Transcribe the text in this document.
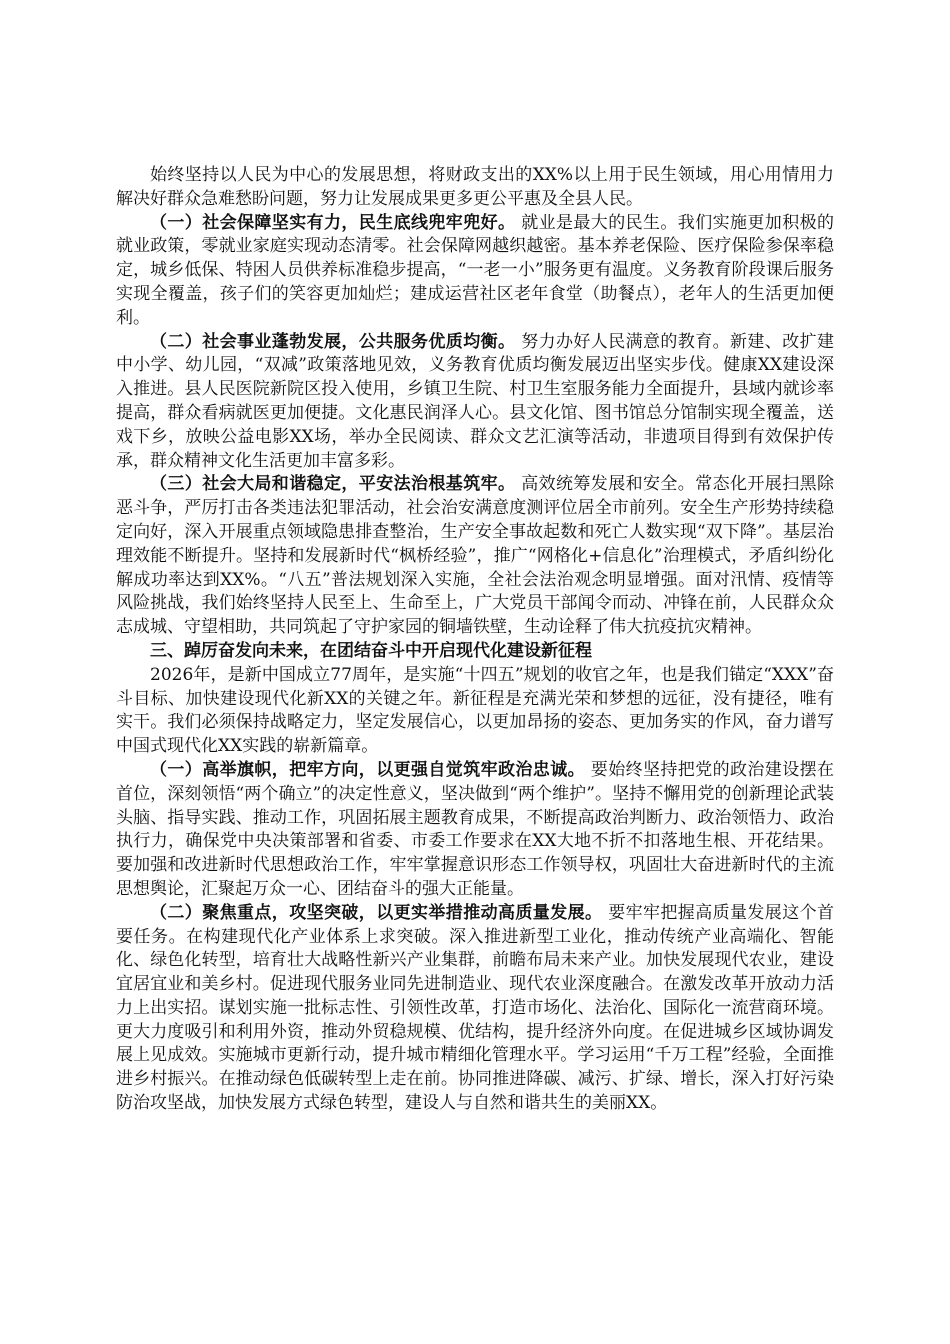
始终坚持以人民为中心的发展思想，将财政支出的XX%以上用于民生领域，用心用情用力解决好群众急难愁盼问题，努力让发展成果更多更公平惠及全县人民。

（一）社会保障坚实有力，民生底线兜牢兜好。 就业是最大的民生。我们实施更加积极的就业政策，零就业家庭实现动态清零。社会保障网越织越密。基本养老保险、医疗保险参保率稳定，城乡低保、特困人员供养标准稳步提高，“一老一小”服务更有温度。义务教育阶段课后服务实现全覆盖，孩子们的笑容更加灿烂；建成运营社区老年食堂（助餐点），老年人的生活更加便利。

（二）社会事业蓬勃发展，公共服务优质均衡。 努力办好人民满意的教育。新建、改扩建中小学、幼儿园，“双减”政策落地见效，义务教育优质均衡发展迈出坚实步伐。健康XX建设深入推进。县人民医院新院区投入使用，乡镇卫生院、村卫生室服务能力全面提升，县域内就诊率提高，群众看病就医更加便捷。文化惠民润泽人心。县文化馆、图书馆总分馆制实现全覆盖，送戏下乡，放映公益电影XX场，举办全民阅读、群众文艺汇演等活动，非遗项目得到有效保护传承，群众精神文化生活更加丰富多彩。

（三）社会大局和谐稳定，平安法治根基筑牢。 高效统筹发展和安全。常态化开展扫黑除恶斗争，严厉打击各类违法犯罪活动，社会治安满意度测评位居全市前列。安全生产形势持续稳定向好，深入开展重点领域隐患排查整治，生产安全事故起数和死亡人数实现“双下降”。基层治理效能不断提升。坚持和发展新时代“枫桥经验”，推广“网格化+信息化”治理模式，矛盾纠纷化解成功率达到XX%。“八五”普法规划深入实施，全社会法治观念明显增强。面对汛情、疫情等风险挑战，我们始终坚持人民至上、生命至上，广大党员干部闻令而动、冲锋在前，人民群众众志成城、守望相助，共同筑起了守护家园的铜墙铁壁，生动诠释了伟大抗疫抗灾精神。

三、踔厉奋发向未来，在团结奋斗中开启现代化建设新征程

2026年，是新中国成立77周年，是实施“十四五”规划的收官之年，也是我们锚定“XXX”奋斗目标、加快建设现代化新XX的关键之年。新征程是充满光荣和梦想的远征，没有捷径，唯有实干。我们必须保持战略定力，坚定发展信心，以更加昂扬的姿态、更加务实的作风，奋力谱写中国式现代化XX实践的崭新篇章。

（一）高举旗帜，把牢方向，以更强自觉筑牢政治忠诚。 要始终坚持把党的政治建设摆在首位，深刻领悟“两个确立”的决定性意义，坚决做到“两个维护”。坚持不懈用党的创新理论武装头脑、指导实践、推动工作，巩固拓展主题教育成果，不断提高政治判断力、政治领悟力、政治执行力，确保党中央决策部署和省委、市委工作要求在XX大地不折不扣落地生根、开花结果。要加强和改进新时代思想政治工作，牢牢掌握意识形态工作领导权，巩固壮大奋进新时代的主流思想舆论，汇聚起万众一心、团结奋斗的强大正能量。

（二）聚焦重点，攻坚突破，以更实举措推动高质量发展。 要牢牢把握高质量发展这个首要任务。在构建现代化产业体系上求突破。深入推进新型工业化，推动传统产业高端化、智能化、绿色化转型，培育壮大战略性新兴产业集群，前瞻布局未来产业。加快发展现代农业，建设宜居宜业和美乡村。促进现代服务业同先进制造业、现代农业深度融合。在激发改革开放动力活力上出实招。谋划实施一批标志性、引领性改革，打造市场化、法治化、国际化一流营商环境。更大力度吸引和利用外资，推动外贸稳规模、优结构，提升经济外向度。在促进城乡区域协调发展上见成效。实施城市更新行动，提升城市精细化管理水平。学习运用“千万工程”经验，全面推进乡村振兴。在推动绿色低碳转型上走在前。协同推进降碳、减污、扩绿、增长，深入打好污染防治攻坚战，加快发展方式绿色转型，建设人与自然和谐共生的美丽XX。
